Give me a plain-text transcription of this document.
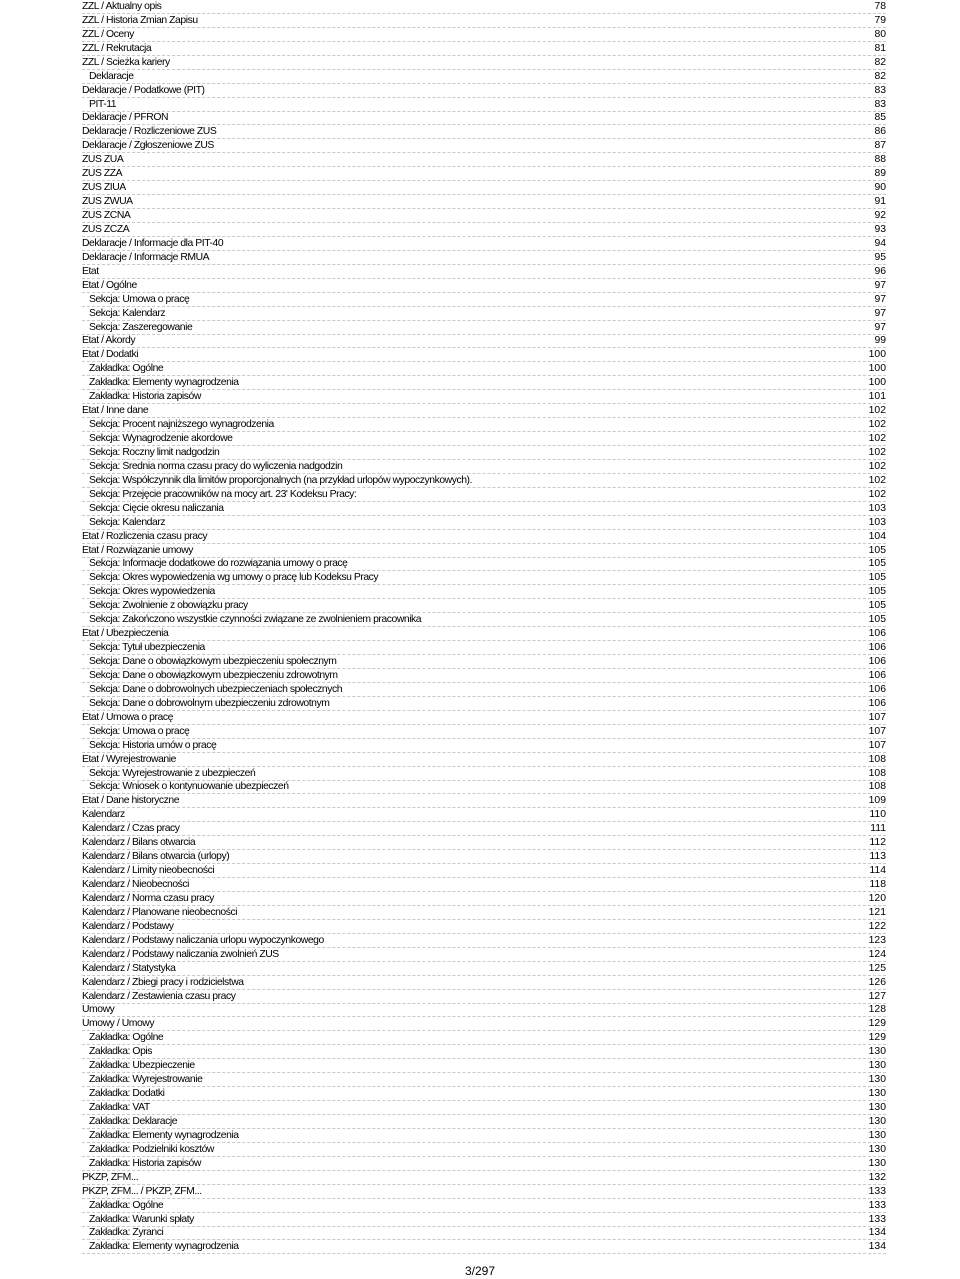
ZZL / Aktualny opis	78
ZZL / Historia Zmian Zapisu	79
ZZL / Oceny	80
ZZL / Rekrutacja	81
ZZL / Ścieżka kariery	82
Deklaracje	82
Deklaracje / Podatkowe (PIT)	83
PIT-11	83
Deklaracje / PFRON	85
Deklaracje / Rozliczeniowe ZUS	86
Deklaracje / Zgłoszeniowe ZUS	87
ZUS ZUA	88
ZUS ZZA	89
ZUS ZIUA	90
ZUS ZWUA	91
ZUS ZCNA	92
ZUS ZCZA	93
Deklaracje / Informacje dla PIT-40	94
Deklaracje / Informacje RMUA	95
Etat	96
Etat / Ogólne	97
Sekcja: Umowa o pracę	97
Sekcja: Kalendarz	97
Sekcja: Zaszeregowanie	97
Etat / Akordy	99
Etat / Dodatki	100
Zakładka: Ogólne	100
Zakładka: Elementy wynagrodzenia	100
Zakładka: Historia zapisów	101
Etat / Inne dane	102
Sekcja: Procent najniższego wynagrodzenia	102
Sekcja: Wynagrodzenie akordowe	102
Sekcja: Roczny limit nadgodzin	102
Sekcja: Średnia norma czasu pracy do wyliczenia nadgodzin	102
Sekcja: Współczynnik dla limitów proporcjonalnych (na przykład urlopów wypoczynkowych).	102
Sekcja: Przejęcie pracowników na mocy art. 23' Kodeksu Pracy:	102
Sekcja: Cięcie okresu naliczania	103
Sekcja: Kalendarz	103
Etat / Rozliczenia czasu pracy	104
Etat / Rozwiązanie umowy	105
Sekcja: Informacje dodatkowe do rozwiązania umowy o pracę	105
Sekcja: Okres wypowiedzenia wg umowy o pracę lub Kodeksu Pracy	105
Sekcja: Okres wypowiedzenia	105
Sekcja: Zwolnienie z obowiązku pracy	105
Sekcja: Zakończono wszystkie czynności związane ze zwolnieniem pracownika	105
Etat / Ubezpieczenia	106
Sekcja: Tytuł ubezpieczenia	106
Sekcja: Dane o obowiązkowym ubezpieczeniu społecznym	106
Sekcja: Dane o obowiązkowym ubezpieczeniu zdrowotnym	106
Sekcja: Dane o dobrowolnych ubezpieczeniach społecznych	106
Sekcja: Dane o dobrowolnym ubezpieczeniu zdrowotnym	106
Etat / Umowa o pracę	107
Sekcja: Umowa o pracę	107
Sekcja: Historia umów o pracę	107
Etat / Wyrejestrowanie	108
Sekcja: Wyrejestrowanie z ubezpieczeń	108
Sekcja: Wniosek o kontynuowanie ubezpieczeń	108
Etat / Dane historyczne	109
Kalendarz	110
Kalendarz / Czas pracy	111
Kalendarz / Bilans otwarcia	112
Kalendarz / Bilans otwarcia (urlopy)	113
Kalendarz / Limity nieobecności	114
Kalendarz / Nieobecności	118
Kalendarz / Norma czasu pracy	120
Kalendarz / Planowane nieobecności	121
Kalendarz / Podstawy	122
Kalendarz / Podstawy naliczania urlopu wypoczynkowego	123
Kalendarz / Podstawy naliczania zwolnień ZUS	124
Kalendarz / Statystyka	125
Kalendarz / Zbiegi pracy i rodzicielstwa	126
Kalendarz / Zestawienia czasu pracy	127
Umowy	128
Umowy / Umowy	129
Zakładka: Ogólne	129
Zakładka: Opis	130
Zakładka: Ubezpieczenie	130
Zakładka: Wyrejestrowanie	130
Zakładka: Dodatki	130
Zakładka: VAT	130
Zakładka: Deklaracje	130
Zakładka: Elementy wynagrodzenia	130
Zakładka: Podzielniki kosztów	130
Zakładka: Historia zapisów	130
PKZP, ZFM...	132
PKZP, ZFM... / PKZP, ZFM...	133
Zakładka: Ogólne	133
Zakładka: Warunki spłaty	133
Zakładka: Żyranci	134
Zakładka: Elementy wynagrodzenia	134
3/297
